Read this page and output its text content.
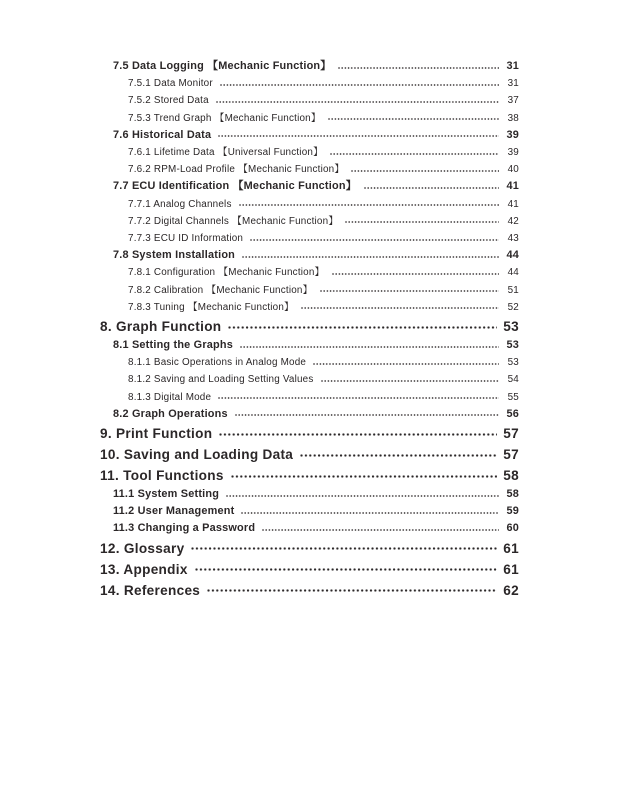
7.5 Data Logging 【Mechanic Function】	31
7.5.1 Data Monitor	31
7.5.2 Stored Data	37
7.5.3 Trend Graph 【Mechanic Function】	38
7.6 Historical Data	39
7.6.1 Lifetime Data 【Universal Function】	39
7.6.2 RPM-Load Profile 【Mechanic Function】	40
7.7 ECU Identification 【Mechanic Function】	41
7.7.1 Analog Channels	41
7.7.2 Digital Channels 【Mechanic Function】	42
7.7.3 ECU ID Information	43
7.8 System Installation	44
7.8.1 Configuration 【Mechanic Function】	44
7.8.2 Calibration 【Mechanic Function】	51
7.8.3 Tuning 【Mechanic Function】	52
8. Graph Function	53
8.1 Setting the Graphs	53
8.1.1 Basic Operations in Analog Mode	53
8.1.2 Saving and Loading Setting Values	54
8.1.3 Digital Mode	55
8.2 Graph Operations	56
9. Print Function	57
10. Saving and Loading Data	57
11. Tool Functions	58
11.1 System Setting	58
11.2 User Management	59
11.3 Changing a Password	60
12. Glossary	61
13. Appendix	61
14. References	62
